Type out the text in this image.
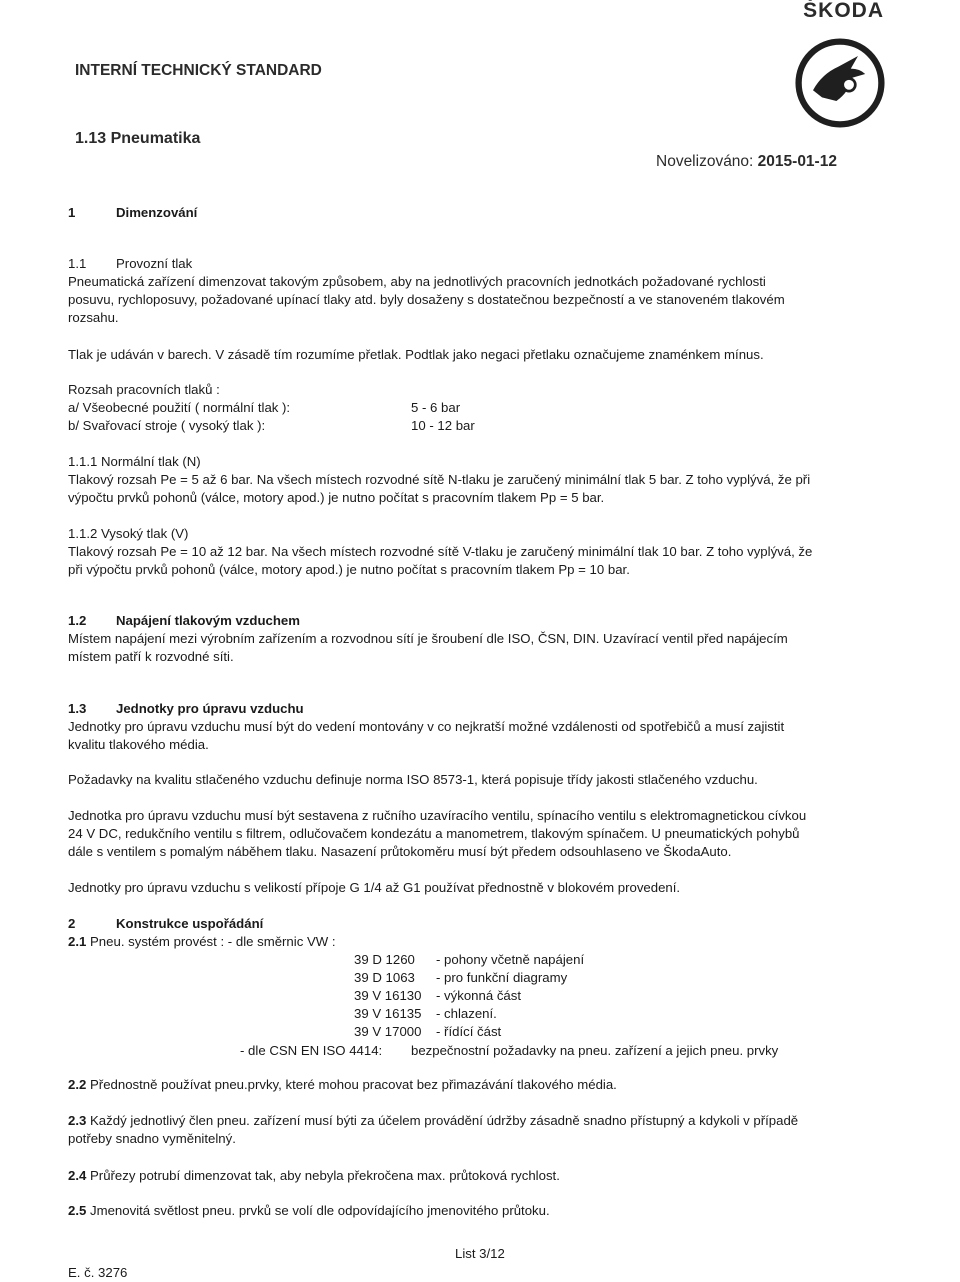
ŠKODA
INTERNÍ TECHNICKÝ STANDARD
1.13 Pneumatika
Novelizováno: 2015-01-12
1	Dimenzování
1.1 Provozní tlak
Pneumatická zařízení dimenzovat takovým způsobem, aby na jednotlivých pracovních jednotkách požadované rychlosti
posuvu, rychloposuvy, požadované upínací tlaky atd. byly dosaženy s dostatečnou bezpečností a ve stanoveném tlakovém
rozsahu.
Tlak je udáván v barech. V zásadě tím rozumíme přetlak. Podtlak jako negaci přetlaku označujeme znaménkem mínus.
Rozsah pracovních tlaků :
a/ Všeobecné použití ( normální tlak ):	5 - 6 bar
b/ Svařovací stroje ( vysoký tlak ):	10 - 12 bar
1.1.1 Normální tlak (N)
Tlakový rozsah Pe = 5 až 6 bar. Na všech místech rozvodné sítě N-tlaku je zaručený minimální tlak 5 bar. Z toho vyplývá, že při
výpočtu prvků pohonů (válce, motory apod.) je nutno počítat s pracovním tlakem Pp = 5 bar.
1.1.2 Vysoký tlak (V)
Tlakový rozsah Pe = 10 až 12 bar. Na všech místech rozvodné sítě V-tlaku je zaručený minimální tlak 10 bar. Z toho vyplývá, že
při výpočtu prvků pohonů (válce, motory apod.) je nutno počítat s pracovním tlakem Pp = 10 bar.
1.2 Napájení tlakovým vzduchem
Místem napájení mezi výrobním zařízením a rozvodnou sítí je šroubení dle ISO, ČSN, DIN. Uzavírací ventil před napájecím
místem patří k rozvodné síti.
1.3 Jednotky pro úpravu vzduchu
Jednotky pro úpravu vzduchu musí být do vedení montovány v co nejkratší možné vzdálenosti od spotřebičů a musí zajistit
kvalitu tlakového média.
Požadavky na kvalitu stlačeného vzduchu definuje norma ISO 8573-1, která popisuje třídy jakosti stlačeného vzduchu.
Jednotka pro úpravu vzduchu musí být sestavena z ručního uzavíracího ventilu, spínacího ventilu s elektromagnetickou cívkou
24 V DC, redukčního ventilu s filtrem, odlučovačem kondezátu a manometrem, tlakovým spínačem. U pneumatických pohybů
dále s ventilem s pomalým náběhem tlaku. Nasazení průtokoměru musí být předem odsouhlaseno ve ŠkodaAuto.
Jednotky pro úpravu vzduchu s velikostí přípoje G 1/4 až G1 používat přednostně v blokovém provedení.
2	Konstrukce uspořádání
2.1 Pneu. systém provést : - dle směrnic VW :
39 D 1260 - pohony včetně napájení
39 D 1063 - pro funkční diagramy
39 V 16130 - výkonná část
39 V 16135 - chlazení.
39 V 17000 - řídící část
- dle CSN EN ISO 4414: bezpečnostní požadavky na pneu. zařízení a jejich pneu. prvky
2.2 Přednostně používat pneu.prvky, které mohou pracovat bez přimazávání tlakového média.
2.3 Každý jednotlivý člen pneu. zařízení musí býti za účelem provádění údržby zásadně snadno přístupný a kdykoli v případě
potřeby snadno vyměnitelný.
2.4 Průřezy potrubí dimenzovat tak, aby nebyla překročena max. průtoková rychlost.
2.5 Jmenovitá světlost pneu. prvků se volí dle odpovídajícího jmenovitého průtoku.
List 3/12
E. č. 3276
